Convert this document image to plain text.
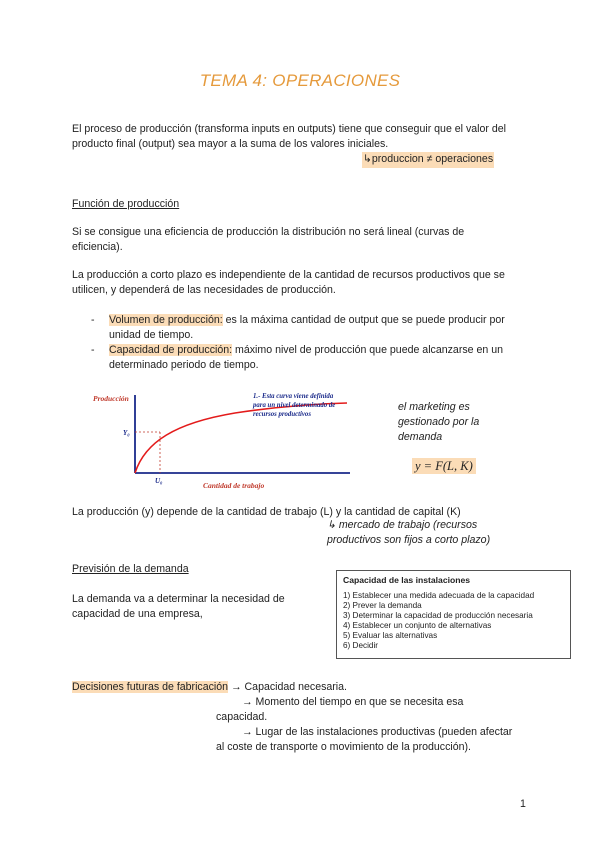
TEMA 4: OPERACIONES
El proceso de producción (transforma inputs en outputs) tiene que conseguir que el valor del
producto final (output) sea mayor a la suma de los valores iniciales.
↳produccion ≠ operaciones
Función de producción
Si se consigue una eficiencia de producción la distribución no será lineal (curvas de
eficiencia).
La producción a corto plazo es independiente de la cantidad de recursos productivos que se
utilicen, y dependerá de las necesidades de producción.
- Volumen de producción: es la máxima cantidad de output que se puede producir por
unidad de tiempo.
- Capacidad de producción: máximo nivel de producción que puede alcanzarse en un
determinado periodo de tiempo.
Producción
Y₀
U₀	Cantidad de trabajo
1.- Esta curva viene definida
para un nivel determinado de
recursos productivos
el marketing es
gestionado por la
demanda
y = F(L, K)
La producción (y) depende de la cantidad de trabajo (L) y la cantidad de capital (K)
↳ mercado de trabajo (recursos
productivos son fijos a corto plazo)
Previsión de la demanda
La demanda va a determinar la necesidad de
capacidad de una empresa,
Capacidad de las instalaciones
1) Establecer una medida adecuada de la capacidad
2) Prever la demanda
3) Determinar la capacidad de producción necesaria
4) Establecer un conjunto de alternativas
5) Evaluar las alternativas
6) Decidir
Decisiones futuras de fabricación → Capacidad necesaria.
→ Momento del tiempo en que se necesita esa
capacidad.
→ Lugar de las instalaciones productivas (pueden afectar
al coste de transporte o movimiento de la producción).
1
